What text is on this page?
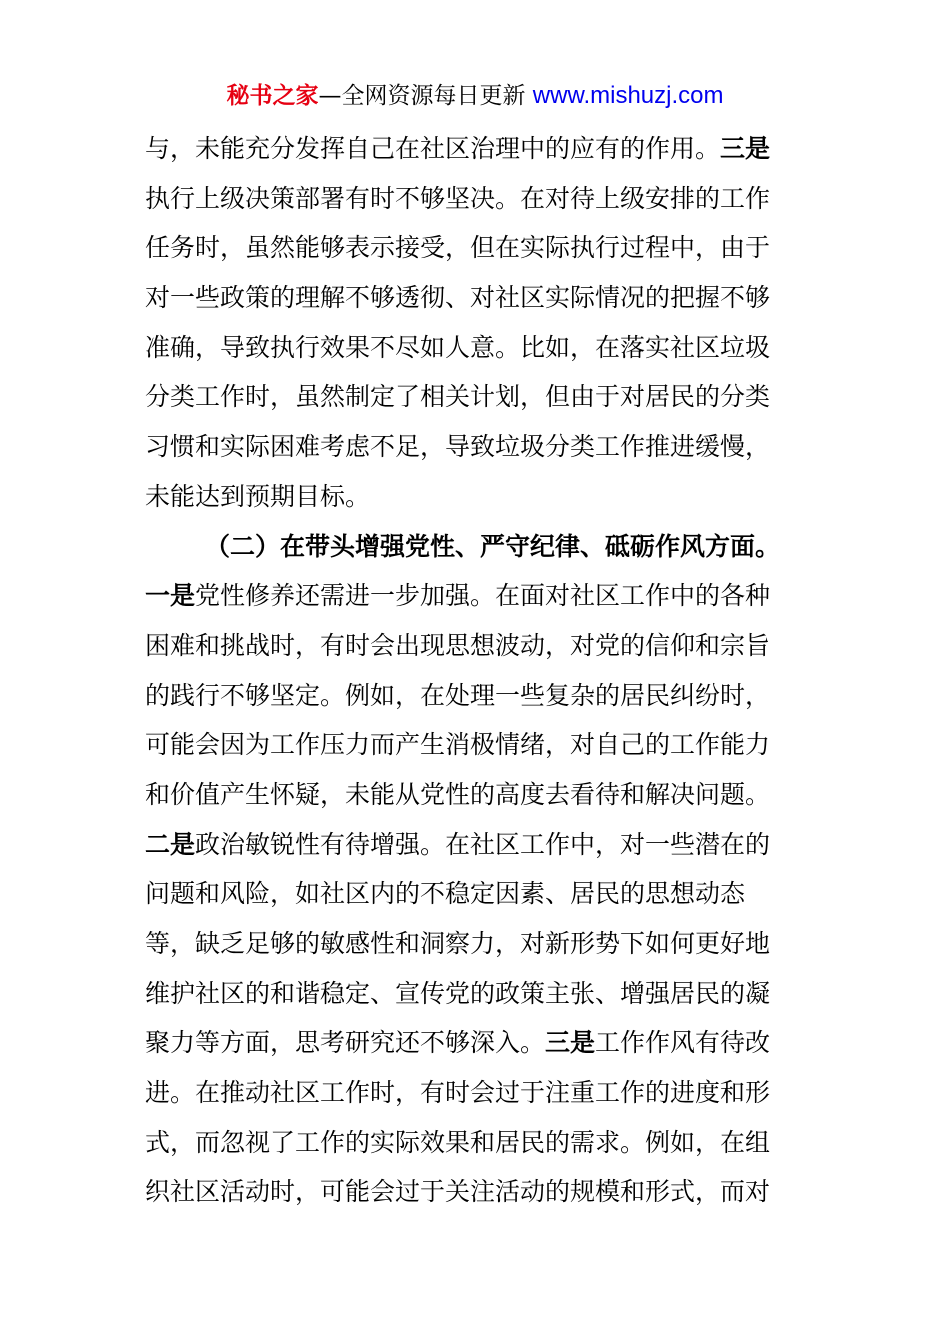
秘书之家—全网资源每日更新 www.mishuzj.com
与，未能充分发挥自己在社区治理中的应有的作用。三是
执行上级决策部署有时不够坚决。在对待上级安排的工作
任务时，虽然能够表示接受，但在实际执行过程中，由于
对一些政策的理解不够透彻、对社区实际情况的把握不够
准确，导致执行效果不尽如人意。比如，在落实社区垃圾
分类工作时，虽然制定了相关计划，但由于对居民的分类
习惯和实际困难考虑不足，导致垃圾分类工作推进缓慢，
未能达到预期目标。
（二）在带头增强党性、严守纪律、砥砺作风方面。
一是党性修养还需进一步加强。在面对社区工作中的各种
困难和挑战时，有时会出现思想波动，对党的信仰和宗旨
的践行不够坚定。例如，在处理一些复杂的居民纠纷时，
可能会因为工作压力而产生消极情绪，对自己的工作能力
和价值产生怀疑，未能从党性的高度去看待和解决问题。
二是政治敏锐性有待增强。在社区工作中，对一些潜在的
问题和风险，如社区内的不稳定因素、居民的思想动态
等，缺乏足够的敏感性和洞察力，对新形势下如何更好地
维护社区的和谐稳定、宣传党的政策主张、增强居民的凝
聚力等方面，思考研究还不够深入。三是工作作风有待改
进。在推动社区工作时，有时会过于注重工作的进度和形
式，而忽视了工作的实际效果和居民的需求。例如，在组
织社区活动时，可能会过于关注活动的规模和形式，而对
